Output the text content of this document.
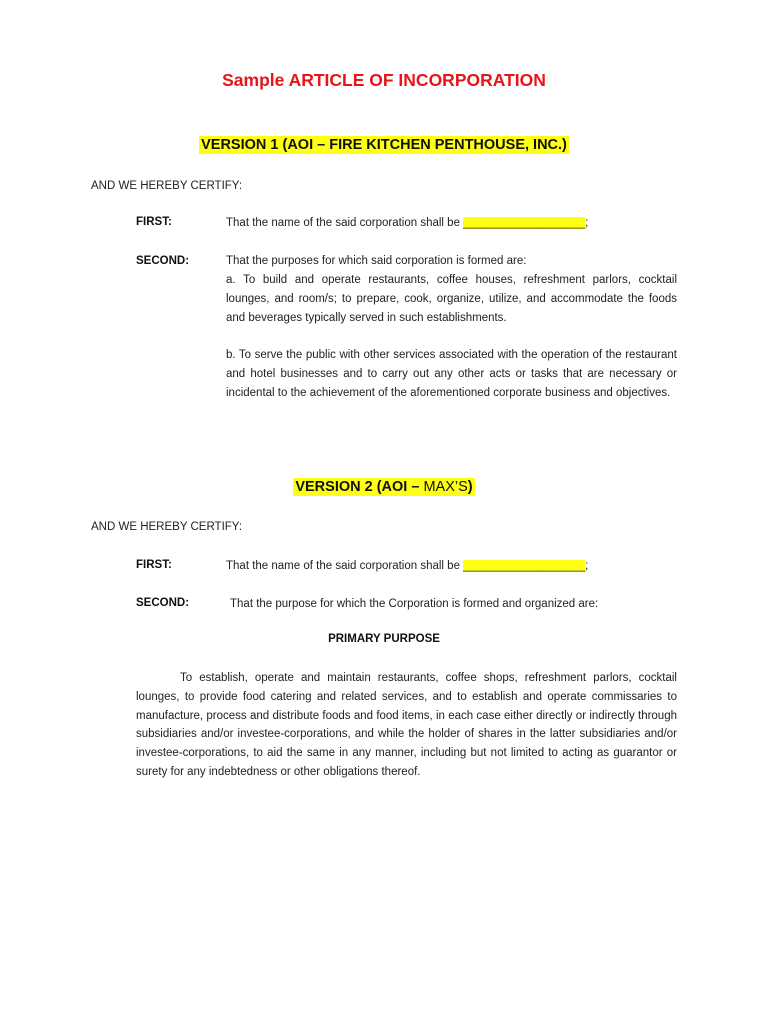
Sample ARTICLE OF INCORPORATION
VERSION 1 (AOI – FIRE KITCHEN PENTHOUSE, INC.)
AND WE HEREBY CERTIFY:
FIRST:	That the name of the said corporation shall be ____________________;
SECOND:	That the purposes for which said corporation is formed are:
a. To build and operate restaurants, coffee houses, refreshment parlors, cocktail lounges, and room/s; to prepare, cook, organize, utilize, and accommodate the foods and beverages typically served in such establishments.
b. To serve the public with other services associated with the operation of the restaurant and hotel businesses and to carry out any other acts or tasks that are necessary or incidental to the achievement of the aforementioned corporate business and objectives.
VERSION 2 (AOI – MAX’S)
AND WE HEREBY CERTIFY:
FIRST:	That the name of the said corporation shall be ____________________;
SECOND:	That the purpose for which the Corporation is formed and organized are:
PRIMARY PURPOSE
To establish, operate and maintain restaurants, coffee shops, refreshment parlors, cocktail lounges, to provide food catering and related services, and to establish and operate commissaries to manufacture, process and distribute foods and food items, in each case either directly or indirectly through subsidiaries and/or investee-corporations, and while the holder of shares in the latter subsidiaries and/or investee-corporations, to aid the same in any manner, including but not limited to acting as guarantor or surety for any indebtedness or other obligations thereof.
